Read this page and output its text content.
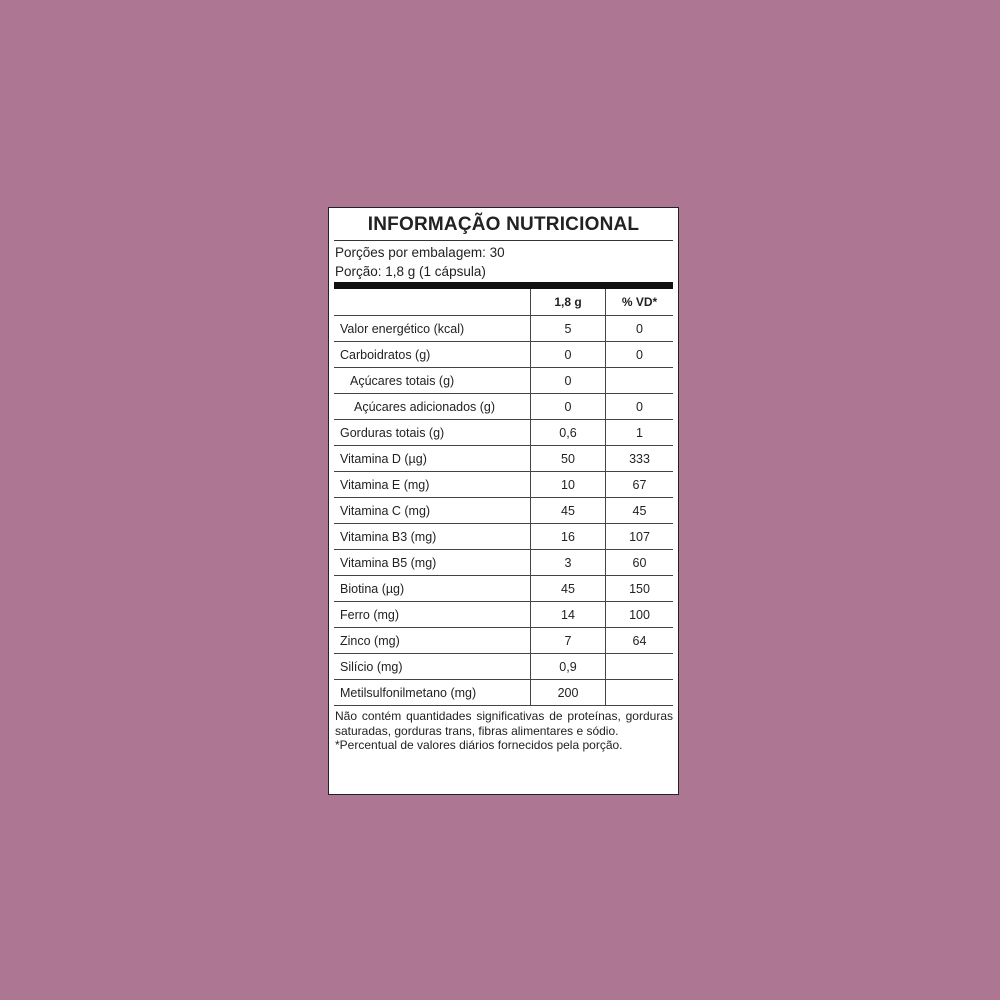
INFORMAÇÃO NUTRICIONAL
Porções por embalagem: 30
Porção: 1,8 g (1 cápsula)
	1,8 g	% VD*
Valor energético (kcal)	5	0
Carboidratos (g)	0	0
Açúcares totais (g)	0	
Açúcares adicionados (g)	0	0
Gorduras totais (g)	0,6	1
Vitamina D (µg)	50	333
Vitamina E (mg)	10	67
Vitamina C (mg)	45	45
Vitamina B3 (mg)	16	107
Vitamina B5 (mg)	3	60
Biotina (µg)	45	150
Ferro (mg)	14	100
Zinco (mg)	7	64
Silício (mg)	0,9	
Metilsulfonilmetano (mg)	200	
Não contém quantidades significativas de proteínas, gorduras saturadas, gorduras trans, fibras alimentares e sódio.
*Percentual de valores diários fornecidos pela porção.
